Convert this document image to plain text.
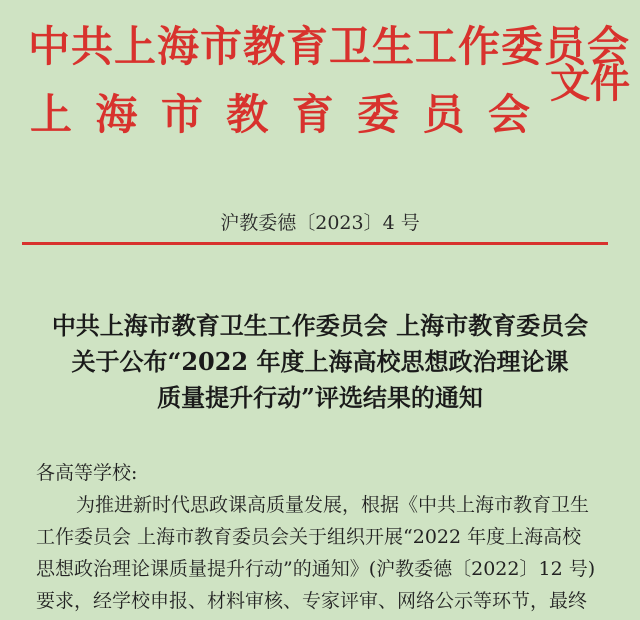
中共上海市教育卫生工作委员会
上 海 市 教 育 委 员 会
文件
沪教委德〔2023〕4 号
中共上海市教育卫生工作委员会 上海市教育委员会
关于公布“2022 年度上海高校思想政治理论课
质量提升行动”评选结果的通知
各高等学校:
为推进新时代思政课高质量发展，根据《中共上海市教育卫生
工作委员会 上海市教育委员会关于组织开展“2022 年度上海高校
思想政治理论课质量提升行动”的通知》(沪教委德〔2022〕12 号)
要求，经学校申报、材料审核、专家评审、网络公示等环节，最终
